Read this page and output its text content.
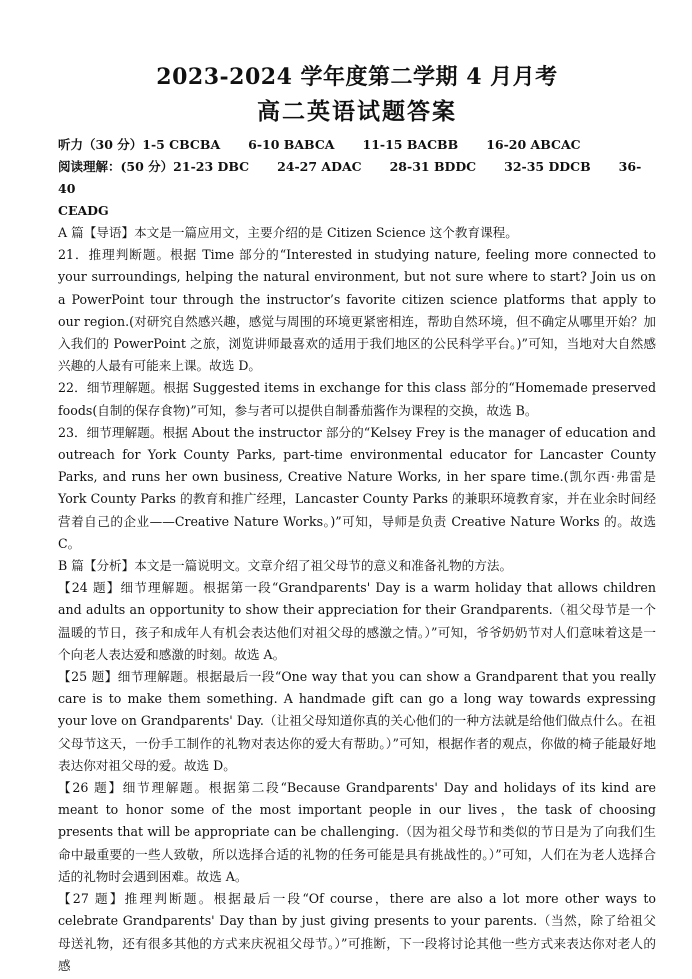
2023-2024 学年度第二学期 4 月月考
高二英语试题答案

听力（30 分）1-5 CBCBA 6-10 BABCA 11-15 BACBB 16-20 ABCAC

阅读理解：(50 分）21-23 DBC 24-27 ADAC 28-31 BDDC 32-35 DDCB 36-40

CEADG

A 篇【导语】本文是一篇应用文，主要介绍的是 Citizen Science 这个教育课程。

21．推理判断题。根据 Time 部分的“Interested in studying nature, feeling more connected to your surroundings, helping the natural environment, but not sure where to start? Join us on a PowerPoint tour through the instructor’s favorite citizen science platforms that apply to our region.(对研究自然感兴趣，感觉与周围的环境更紧密相连，帮助自然环境，但不确定从哪里开始？加入我们的 PowerPoint 之旅，浏览讲师最喜欢的适用于我们地区的公民科学平台。)”可知，当地对大自然感兴趣的人最有可能来上课。故选 D。

22．细节理解题。根据 Suggested items in exchange for this class 部分的“Homemade preserved foods(自制的保存食物)”可知，参与者可以提供自制番茄酱作为课程的交换，故选 B。

23．细节理解题。根据 About the instructor 部分的“Kelsey Frey is the manager of education and outreach for York County Parks, part-time environmental educator for Lancaster County Parks, and runs her own business, Creative Nature Works, in her spare time.(凯尔西·弗雷是 York County Parks 的教育和推广经理，Lancaster County Parks 的兼职环境教育家，并在业余时间经营着自己的企业——Creative Nature Works。)”可知，导师是负责 Creative Nature Works 的。故选 C。

B 篇【分析】本文是一篇说明文。文章介绍了祖父母节的意义和准备礼物的方法。

【24 题】细节理解题。根据第一段“Grandparents' Day is a warm holiday that allows children and adults an opportunity to show their appreciation for their Grandparents.（祖父母节是一个温暖的节日，孩子和成年人有机会表达他们对祖父母的感激之情。）”可知，爷爷奶奶节对人们意味着这是一个向老人表达爱和感激的时刻。故选 A。

【25 题】细节理解题。根据最后一段“One way that you can show a Grandparent that you really care is to make them something. A handmade gift can go a long way towards expressing your love on Grandparents' Day.（让祖父母知道你真的关心他们的一种方法就是给他们做点什么。在祖父母节这天，一份手工制作的礼物对表达你的爱大有帮助。）”可知，根据作者的观点，你做的椅子能最好地表达你对祖父母的爱。故选 D。

【26 题】细节理解题。根据第二段“Because Grandparents' Day and holidays of its kind are meant to honor some of the most important people in our lives，the task of choosing presents that will be appropriate can be challenging.（因为祖父母节和类似的节日是为了向我们生命中最重要的一些人致敬，所以选择合适的礼物的任务可能是具有挑战性的。）”可知，人们在为老人选择合适的礼物时会遇到困难。故选 A。

【27 题】推理判断题。根据最后一段“Of course，there are also a lot more other ways to celebrate Grandparents' Day than by just giving presents to your parents.（当然，除了给祖父母送礼物，还有很多其他的方式来庆祝祖父母节。）”可推断，下一段将讨论其他一些方式来表达你对老人的感
